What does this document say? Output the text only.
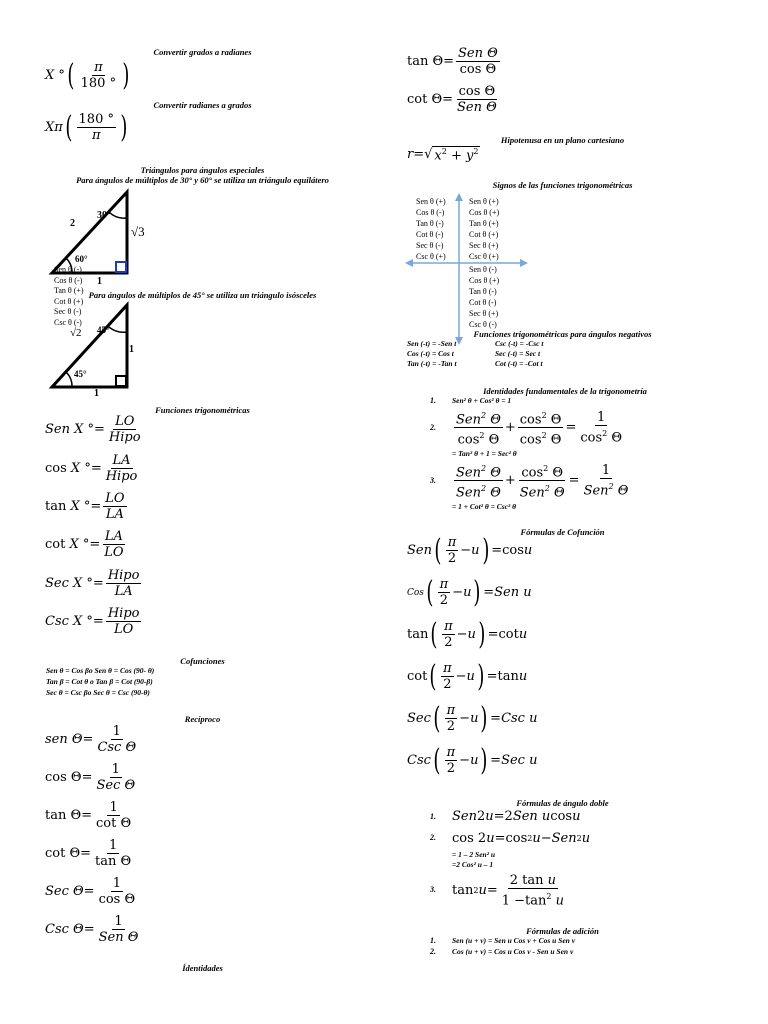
Convertir grados a radianes
X ° ( $\frac{\pi}{180 ^\circ}$ )
Convertir radianes a grados
Xπ ( $\frac{180 ^\circ}{\pi}$ )
Triángulos para ángulos especiales
Para ángulos de múltiplos de 30° y 60° se utiliza un triángulo equilátero
30°
60°
2
1
√3
Sen θ (-)
Cos θ (-)
Tan θ (+)
Cot θ (+)
Sec θ (-)
Csc θ (-)
Para ángulos de múltiplos de 45° se utiliza un triángulo isósceles
45°
45°
√2
1
1
Funciones trigonométricas
Sen X °= $\frac{LO}{\text{Hipo}}$
cos X °= $\frac{LA}{\text{Hipo}}$
tan X °= $\frac{LO}{LA}$
cot X °= $\frac{LA}{LO}$
Sec X °= $\frac{\text{Hipo}}{LA}$
Csc X °= $\frac{\text{Hipo}}{LO}$
Cofunciones
Sen θ = Cos βo Sen θ = Cos (90- θ)
Tan β = Cot θ o Tan β = Cot (90-β)
Sec θ = Csc βo Sec θ = Csc (90-θ)
Recíproco
sen $\Theta = \frac{1}{\text{Csc Θ}}$
$\cos \Theta= \frac{1}{\text{Sec Θ}}$
$\tan \Theta= \frac{1}{\text{cot Θ}}$
$\cot \Theta= \frac{1}{\text{tan Θ}}$
Sec $\Theta = \frac{1}{\text{cos Θ}}$
Csc $\Theta = \frac{1}{\text{Sen Θ}}$
Ídentidades
$\tan \Theta= \frac{\text{Sen Θ}}{\text{cos Θ}}$
$\cot \Theta= \frac{\text{cos Θ}}{\text{Sen Θ}}$
Hipotenusa en un plano cartesiano
r =√ $x^2 + y^2$
Signos de las funciones trigonométricas
Sen θ (+)
Cos θ (-)
Tan θ (-)
Cot θ (-)
Sec θ (-)
Csc θ (+)
Sen θ (+)
Cos θ (+)
Tan θ (+)
Cot θ (+)
Sec θ (+)
Csc θ (+)
Sen θ (-)
Cos θ (+)
Tan θ (-)
Cot θ (-)
Sec θ (+)
Csc θ (-)
Funciones trigonométricas para ángulos negativos
Sen (-t) = -Sen t
Cos (-t) = Cos t
Tan (-t) = -Tan t
Csc (-t) = -Csc t
Sec (-t) = Sec t
Cot (-t) = -Cot t
Identidades fundamentales de la trigonometría
1. Sen² θ + Cos² θ = 1
2. $\frac{Sen^2 \Theta}{\cos^2 \Theta} + \frac{\cos^2 \Theta}{\cos^2 \Theta} = \frac{1}{\cos^2 \Theta}$
= Tan² θ + 1 = Sec² θ
3. $\frac{Sen^2 \Theta}{Sen^2 \Theta} + \frac{\cos^2 \Theta}{Sen^2 \Theta} = \frac{1}{Sen^2 \Theta}$
= 1 + Cot² θ = Csc² θ
Fórmulas de Cofunción
Sen ( $\frac{\pi}{2} - u$ ) =cos u
Cos ( $\frac{\pi}{2} - u$ ) = Sen u
tan ( $\frac{\pi}{2} - u$ ) =cot u
cot ( $\frac{\pi}{2} - u$ ) =tan u
Sec ( $\frac{\pi}{2} - u$ ) = Csc u
Csc ( $\frac{\pi}{2} - u$ ) = Sec u
Fórmulas de ángulo doble
1. Sen 2 u =2 Sen u cos u
2. cos 2 u =cos 2 u − Sen 2 u
= 1 – 2 Sen² u
=2 Cos² u – 1
3. tan 2 $u = \frac{\text{2 tan u}}{1 -\tan^2 u}$
Fórmulas de adición
1. Sen (u + v) = Sen u Cos v + Cos u Sen v
2. Cos (u + v) = Cos u Cos v - Sen u Sen v
